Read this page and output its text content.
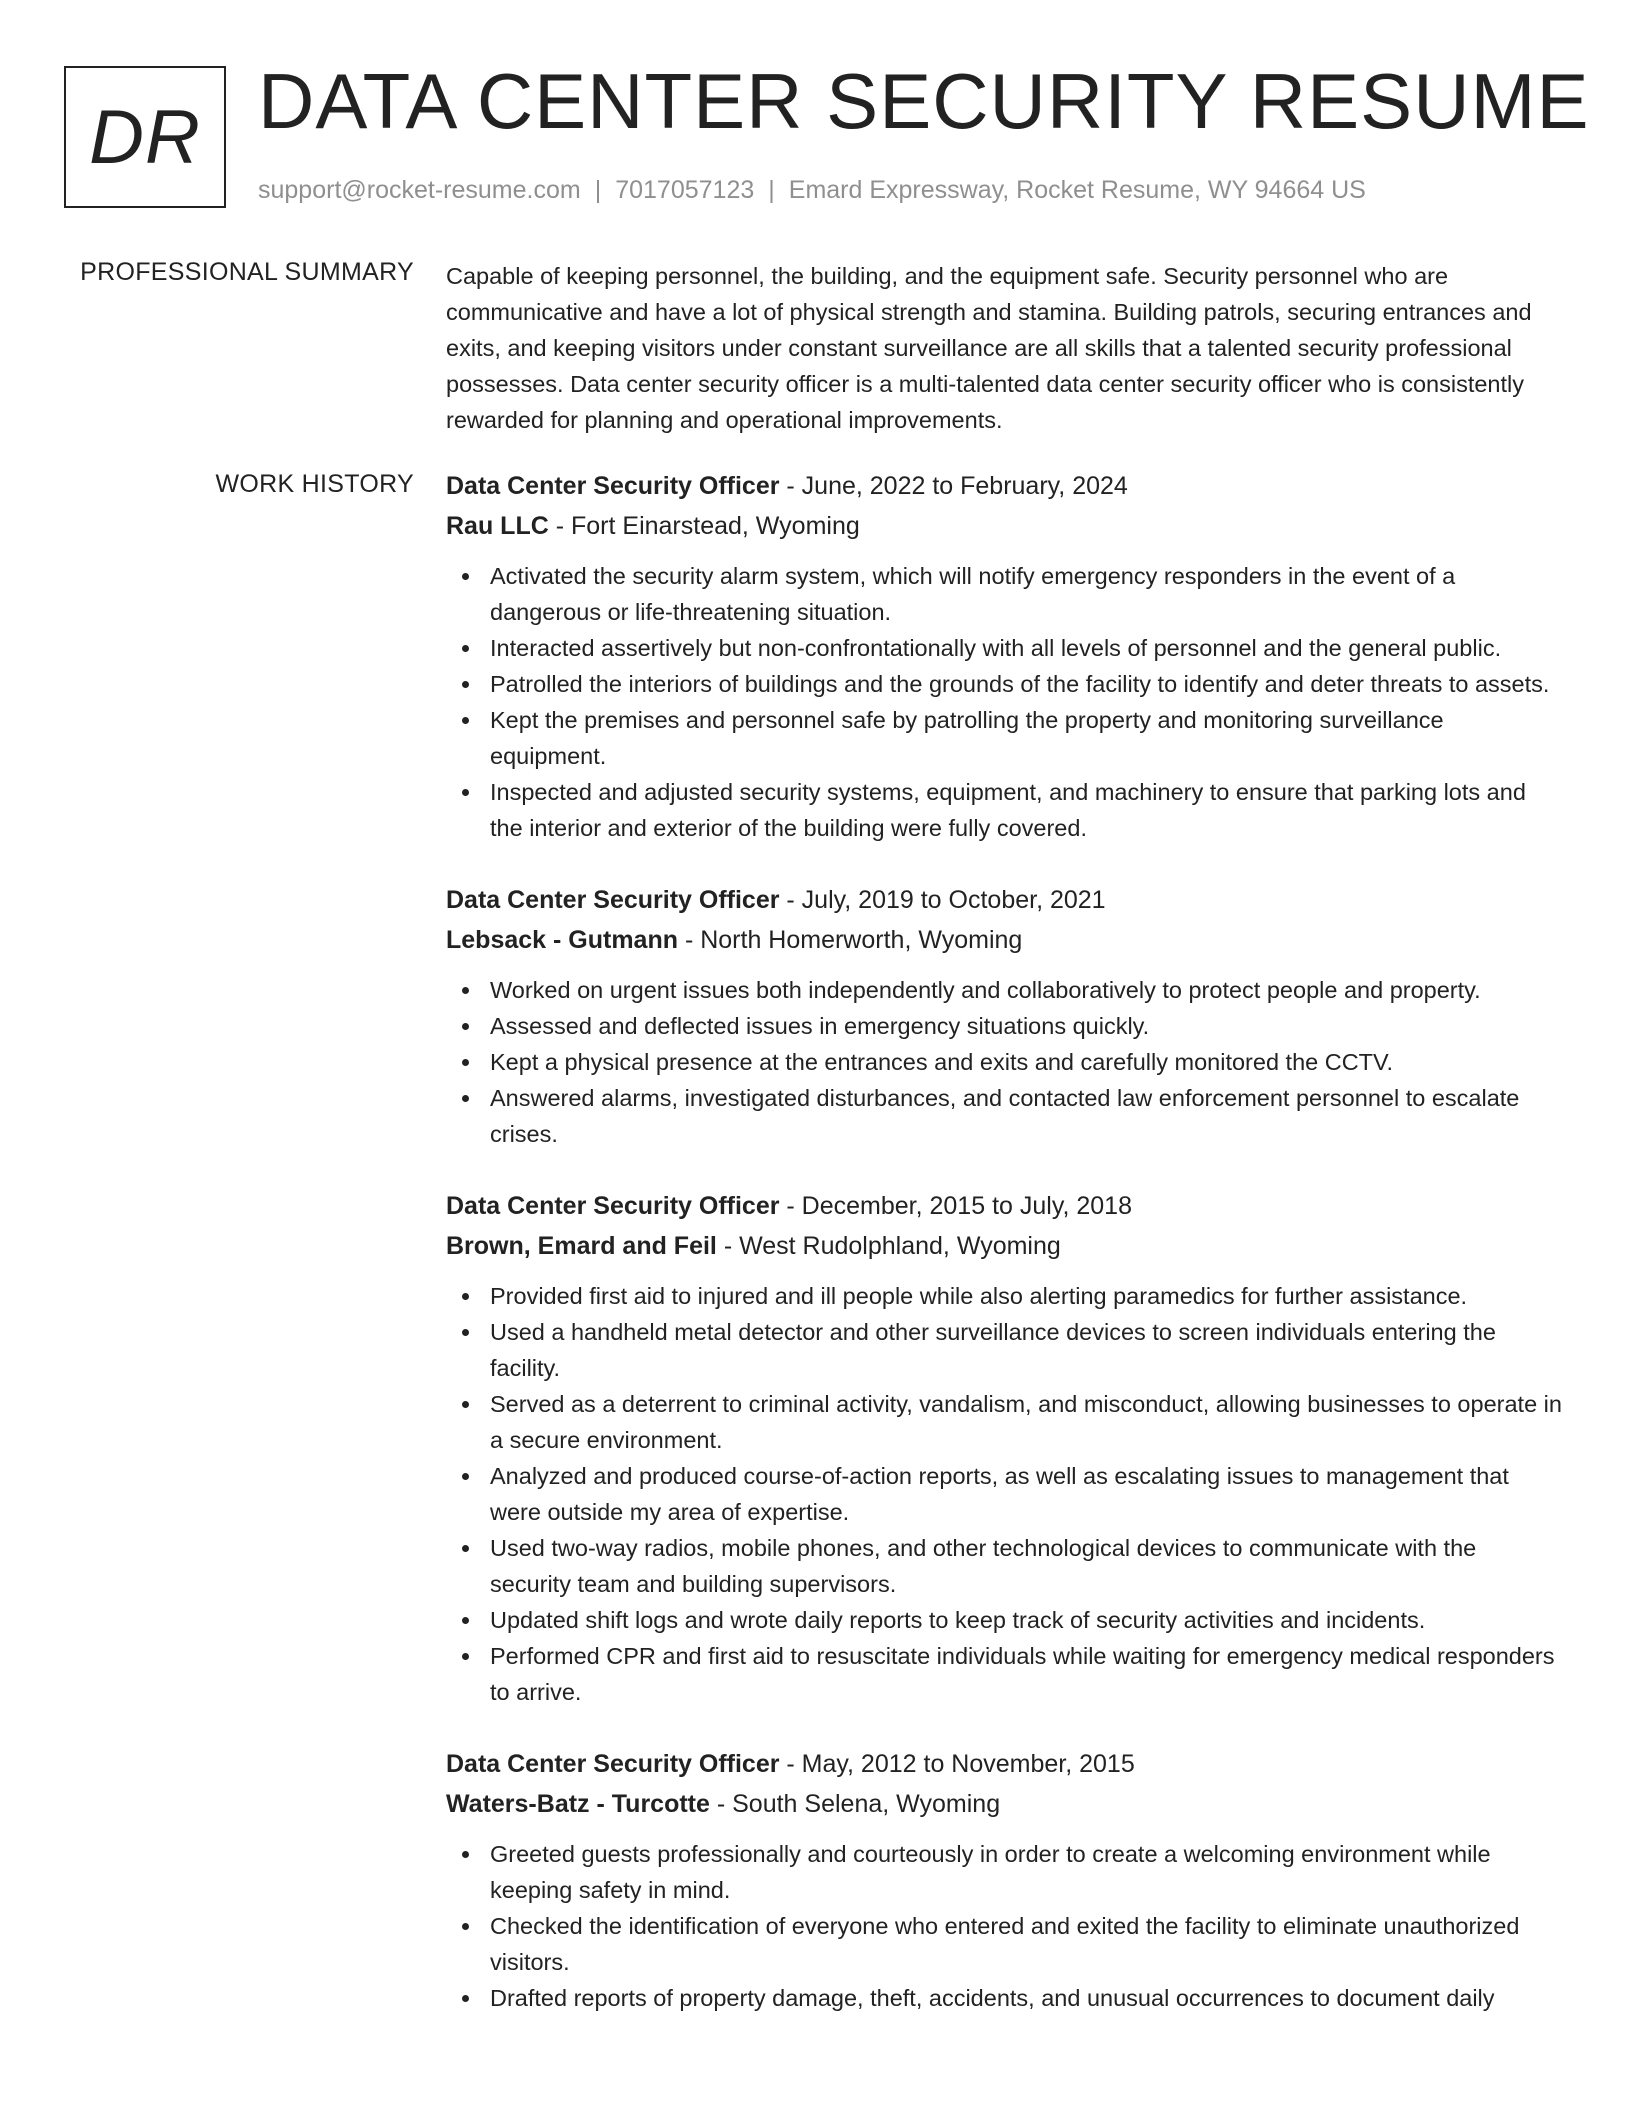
DR DATA CENTER SECURITY RESUME
support@rocket-resume.com | 7017057123 | Emard Expressway, Rocket Resume, WY 94664 US
PROFESSIONAL SUMMARY Capable of keeping personnel, the building, and the equipment safe. Security personnel who are communicative and have a lot of physical strength and stamina. Building patrols, securing entrances and exits, and keeping visitors under constant surveillance are all skills that a talented security professional possesses. Data center security officer is a multi-talented data center security officer who is consistently rewarded for planning and operational improvements.

WORK HISTORY Data Center Security Officer - June, 2022 to February, 2024
Rau LLC - Fort Einarstead, Wyoming
Activated the security alarm system, which will notify emergency responders in the event of a dangerous or life-threatening situation.
Interacted assertively but non-confrontationally with all levels of personnel and the general public.
Patrolled the interiors of buildings and the grounds of the facility to identify and deter threats to assets.
Kept the premises and personnel safe by patrolling the property and monitoring surveillance equipment.
Inspected and adjusted security systems, equipment, and machinery to ensure that parking lots and the interior and exterior of the building were fully covered.
Data Center Security Officer - July, 2019 to October, 2021
Lebsack - Gutmann - North Homerworth, Wyoming
Worked on urgent issues both independently and collaboratively to protect people and property.
Assessed and deflected issues in emergency situations quickly.
Kept a physical presence at the entrances and exits and carefully monitored the CCTV.
Answered alarms, investigated disturbances, and contacted law enforcement personnel to escalate crises.
Data Center Security Officer - December, 2015 to July, 2018
Brown, Emard and Feil - West Rudolphland, Wyoming
Provided first aid to injured and ill people while also alerting paramedics for further assistance.
Used a handheld metal detector and other surveillance devices to screen individuals entering the facility.
Served as a deterrent to criminal activity, vandalism, and misconduct, allowing businesses to operate in a secure environment.
Analyzed and produced course-of-action reports, as well as escalating issues to management that were outside my area of expertise.
Used two-way radios, mobile phones, and other technological devices to communicate with the security team and building supervisors.
Updated shift logs and wrote daily reports to keep track of security activities and incidents.
Performed CPR and first aid to resuscitate individuals while waiting for emergency medical responders to arrive.
Data Center Security Officer - May, 2012 to November, 2015
Waters-Batz - Turcotte - South Selena, Wyoming
Greeted guests professionally and courteously in order to create a welcoming environment while keeping safety in mind.
Checked the identification of everyone who entered and exited the facility to eliminate unauthorized visitors.
Drafted reports of property damage, theft, accidents, and unusual occurrences to document daily
